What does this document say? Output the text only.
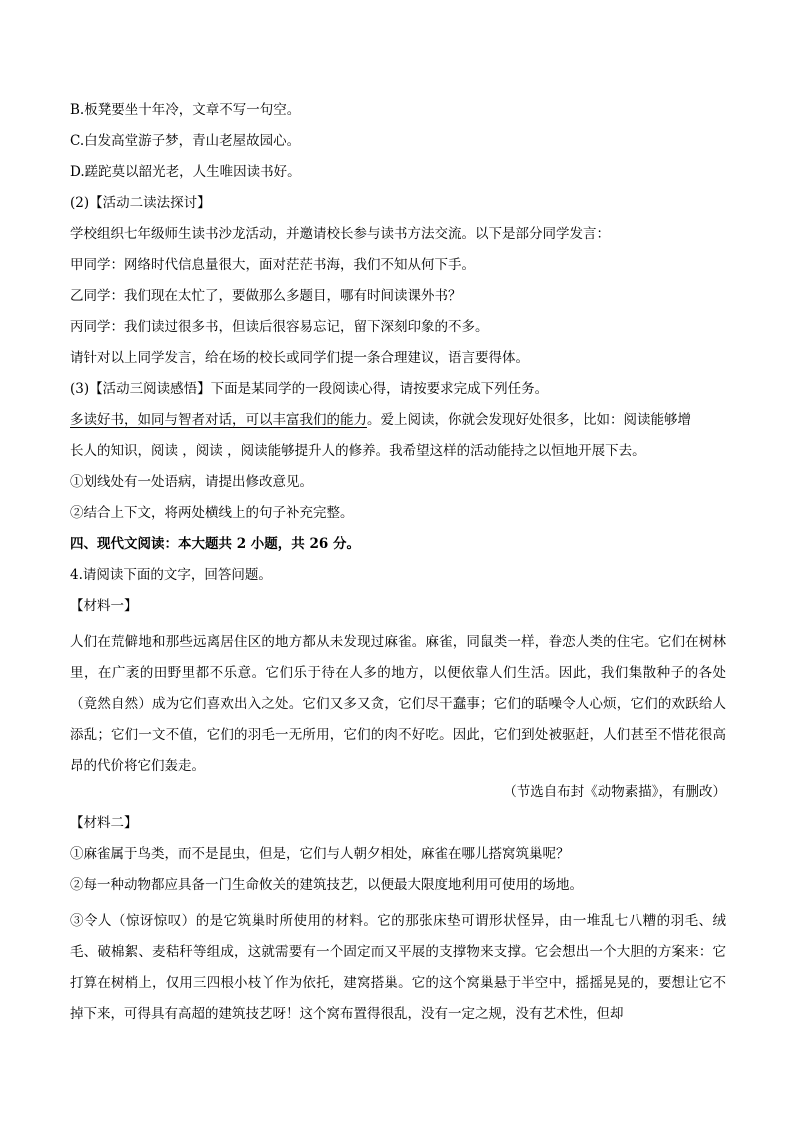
B.板凳要坐十年冷，文章不写一句空。
C.白发高堂游子梦，青山老屋故园心。
D.蹉跎莫以韶光老，人生唯因读书好。
(2)【活动二读法探讨】
学校组织七年级师生读书沙龙活动，并邀请校长参与读书方法交流。以下是部分同学发言：
甲同学：网络时代信息量很大，面对茫茫书海，我们不知从何下手。
乙同学：我们现在太忙了，要做那么多题目，哪有时间读课外书？
丙同学：我们读过很多书，但读后很容易忘记，留下深刻印象的不多。
请针对以上同学发言，给在场的校长或同学们提一条合理建议，语言要得体。
(3)【活动三阅读感悟】下面是某同学的一段阅读心得，请按要求完成下列任务。
多读好书，如同与智者对话，可以丰富我们的能力。爱上阅读，你就会发现好处很多，比如：阅读能够增
长人的知识，阅读 ，阅读 ，阅读能够提升人的修养。我希望这样的活动能持之以恒地开展下去。
①划线处有一处语病，请提出修改意见。
②结合上下文，将两处横线上的句子补充完整。
四、现代文阅读：本大题共 2 小题，共 26 分。
4.请阅读下面的文字，回答问题。
【材料一】
人们在荒僻地和那些远离居住区的地方都从未发现过麻雀。麻雀，同鼠类一样，眷恋人类的住宅。它们在树林里，在广袤的田野里都不乐意。它们乐于待在人多的地方，以便依靠人们生活。因此，我们集散种子的各处（竟然自然）成为它们喜欢出入之处。它们又多又贪，它们尽干蠢事；它们的聒噪令人心烦，它们的欢跃给人添乱；它们一文不值，它们的羽毛一无所用，它们的肉不好吃。因此，它们到处被驱赶，人们甚至不惜花很高昂的代价将它们轰走。
（节选自布封《动物素描》，有删改）
【材料二】
①麻雀属于鸟类，而不是昆虫，但是，它们与人朝夕相处，麻雀在哪儿搭窝筑巢呢？
②每一种动物都应具备一门生命攸关的建筑技艺，以便最大限度地利用可使用的场地。
③令人（惊讶惊叹）的是它筑巢时所使用的材料。它的那张床垫可谓形状怪异，由一堆乱七八糟的羽毛、绒毛、破棉絮、麦秸秆等组成，这就需要有一个固定而又平展的支撑物来支撑。它会想出一个大胆的方案来：它打算在树梢上，仅用三四根小枝丫作为依托，建窝搭巢。它的这个窝巢悬于半空中，摇摇晃晃的，要想让它不掉下来，可得具有高超的建筑技艺呀！这个窝布置得很乱，没有一定之规，没有艺术性，但却
